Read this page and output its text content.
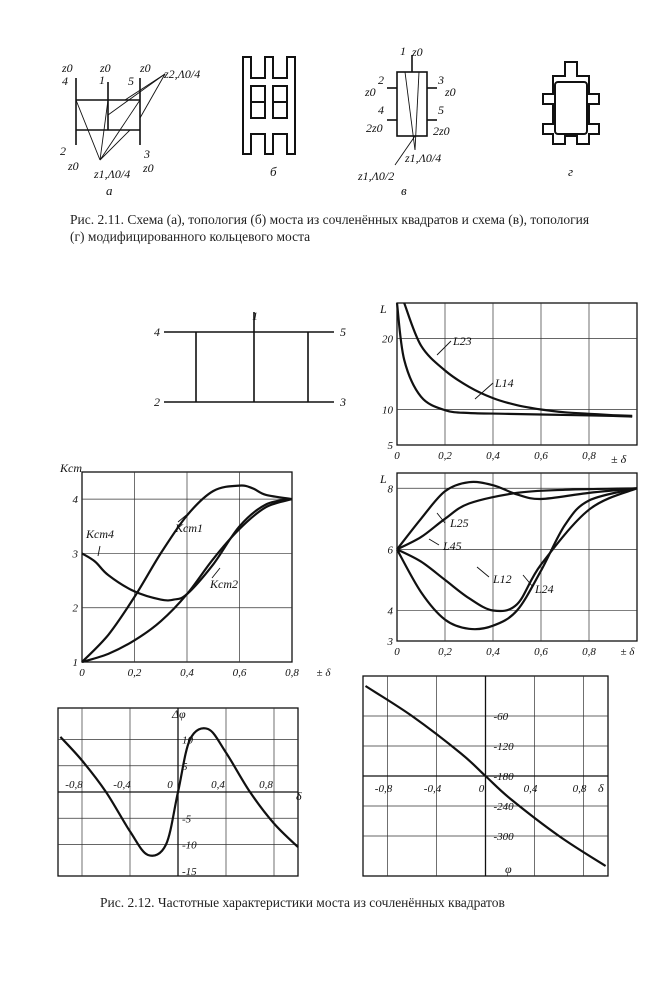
z0 z0 z0
4	1 5	z2,Λ0/4
2
z0
z1,Λ0/4
3
z0
а
б
1 z0
2
z0
3
z0
4	5
2z0	2z0
z1,Λ0/4
z1,Λ0/2
в
г
Рис. 2.11. Схема (а), топология (б) моста из сочленённых квадратов и схема (в), топология (г) модифицированного кольцевого моста
1
4	5
2	3
0	0,2	0,4	0,6	0,8
5
10
20
L
± δ
L23
L14
0	0,2	0,4	0,6	0,8 ± δ
1
2
3
4
Kст
Kст1
Kст2
Kст4
0	0,2	0,4	0,6	0,8 ± δ
3
4
6
8
L
L25
L45
L12
L24
-0,8	-0,4	0	0,4	0,8
10
5
-5
-10
-15
Δφ
δ	-0,8	-0,4	0	0,4	0,8
-60
-120
-180
-240
-300
φ
δ
Рис. 2.12. Частотные характеристики моста из сочленённых квадратов
